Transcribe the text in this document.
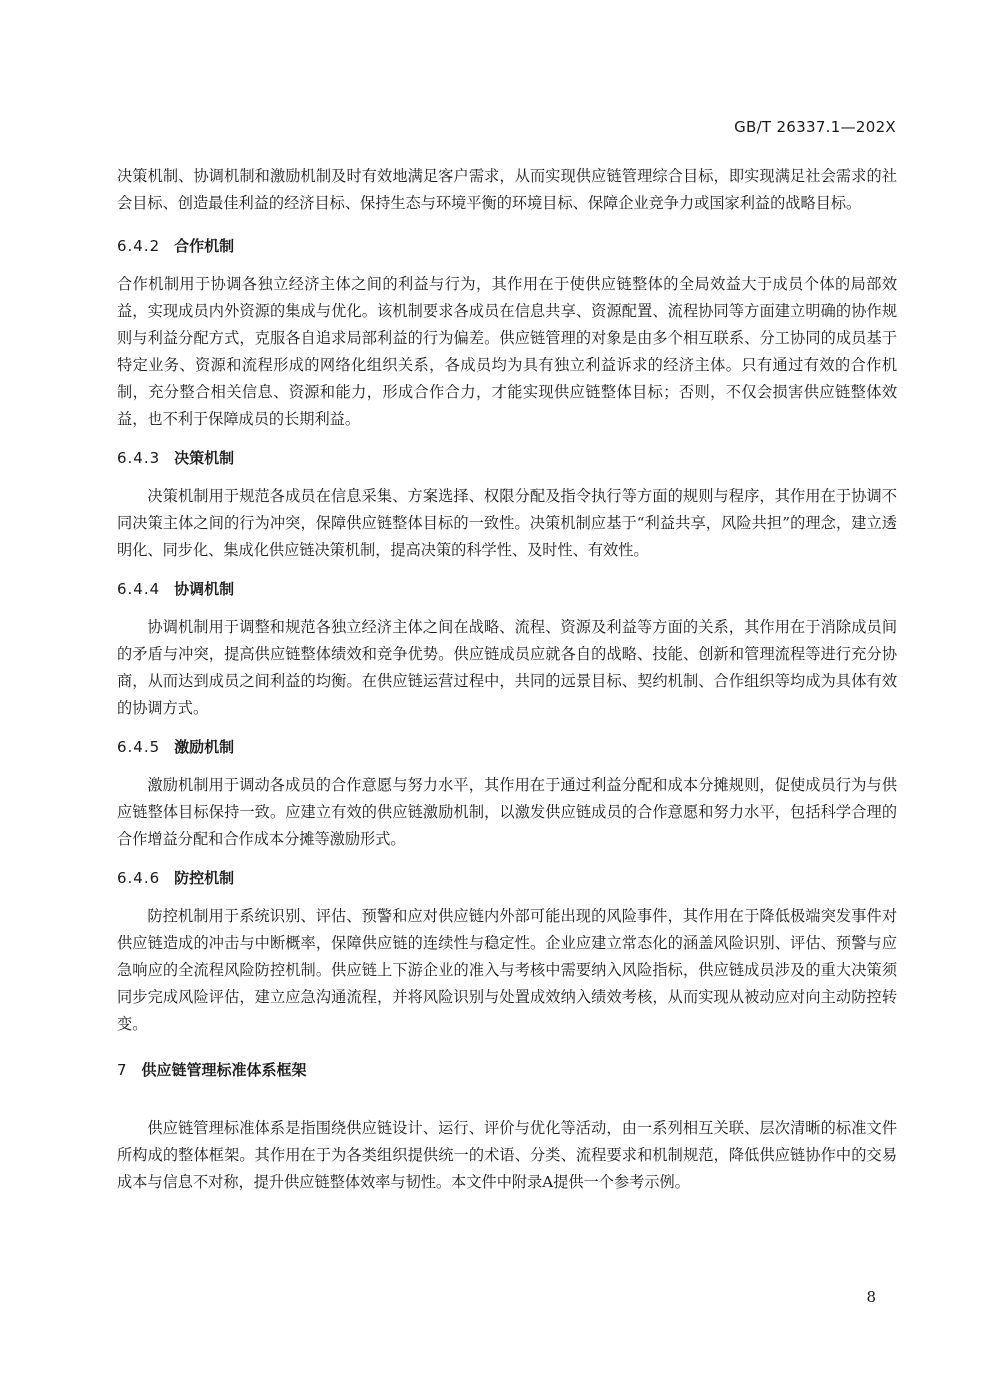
GB/T 26337.1—202X

决策机制、协调机制和激励机制及时有效地满足客户需求，从而实现供应链管理综合目标，即实现满足社会需求的社会目标、创造最佳利益的经济目标、保持生态与环境平衡的环境目标、保障企业竞争力或国家利益的战略目标。

6.4.2 合作机制

合作机制用于协调各独立经济主体之间的利益与行为，其作用在于使供应链整体的全局效益大于成员个体的局部效益，实现成员内外资源的集成与优化。该机制要求各成员在信息共享、资源配置、流程协同等方面建立明确的协作规则与利益分配方式，克服各自追求局部利益的行为偏差。供应链管理的对象是由多个相互联系、分工协同的成员基于特定业务、资源和流程形成的网络化组织关系，各成员均为具有独立利益诉求的经济主体。只有通过有效的合作机制，充分整合相关信息、资源和能力，形成合作合力，才能实现供应链整体目标；否则，不仅会损害供应链整体效益，也不利于保障成员的长期利益。

6.4.3 决策机制

决策机制用于规范各成员在信息采集、方案选择、权限分配及指令执行等方面的规则与程序，其作用在于协调不同决策主体之间的行为冲突，保障供应链整体目标的一致性。决策机制应基于“利益共享，风险共担”的理念，建立透明化、同步化、集成化供应链决策机制，提高决策的科学性、及时性、有效性。

6.4.4 协调机制

协调机制用于调整和规范各独立经济主体之间在战略、流程、资源及利益等方面的关系，其作用在于消除成员间的矛盾与冲突，提高供应链整体绩效和竞争优势。供应链成员应就各自的战略、技能、创新和管理流程等进行充分协商，从而达到成员之间利益的均衡。在供应链运营过程中，共同的远景目标、契约机制、合作组织等均成为具体有效的协调方式。

6.4.5 激励机制

激励机制用于调动各成员的合作意愿与努力水平，其作用在于通过利益分配和成本分摊规则，促使成员行为与供应链整体目标保持一致。应建立有效的供应链激励机制，以激发供应链成员的合作意愿和努力水平，包括科学合理的合作增益分配和合作成本分摊等激励形式。

6.4.6 防控机制

防控机制用于系统识别、评估、预警和应对供应链内外部可能出现的风险事件，其作用在于降低极端突发事件对供应链造成的冲击与中断概率，保障供应链的连续性与稳定性。企业应建立常态化的涵盖风险识别、评估、预警与应急响应的全流程风险防控机制。供应链上下游企业的准入与考核中需要纳入风险指标，供应链成员涉及的重大决策须同步完成风险评估，建立应急沟通流程，并将风险识别与处置成效纳入绩效考核，从而实现从被动应对向主动防控转变。

7 供应链管理标准体系框架

供应链管理标准体系是指围绕供应链设计、运行、评价与优化等活动，由一系列相互关联、层次清晰的标准文件所构成的整体框架。其作用在于为各类组织提供统一的术语、分类、流程要求和机制规范，降低供应链协作中的交易成本与信息不对称，提升供应链整体效率与韧性。本文件中附录A提供一个参考示例。

8
